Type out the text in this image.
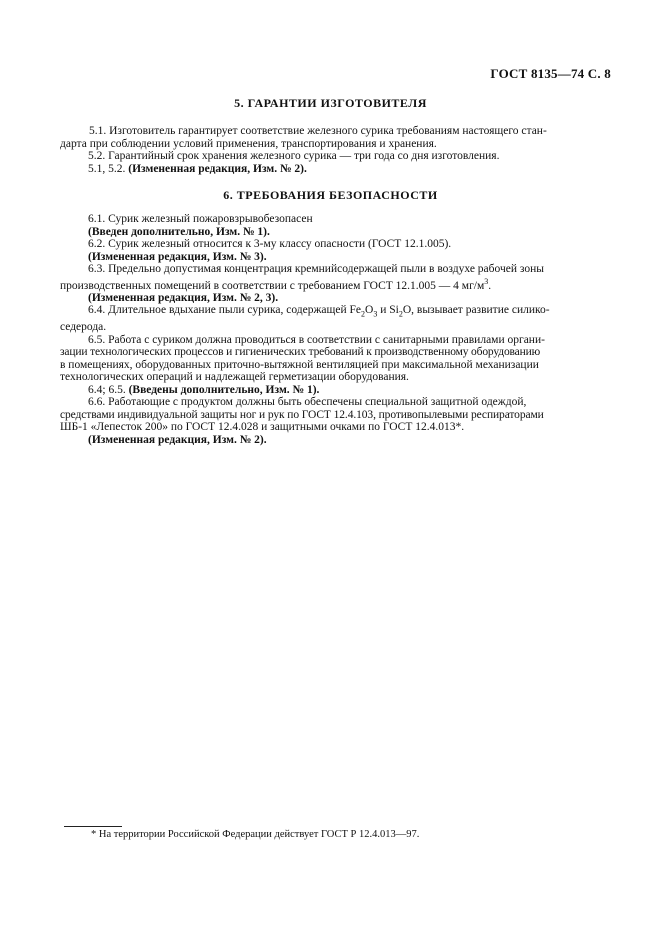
ГОСТ 8135—74 С. 8
5. ГАРАНТИИ ИЗГОТОВИТЕЛЯ

5.1. Изготовитель гарантирует соответствие железного сурика требованиям настоящего стан-

дарта при соблюдении условий применения, транспортирования и хранения.

5.2. Гарантийный срок хранения железного сурика — три года со дня изготовления.

5.1, 5.2. (Измененная редакция, Изм. № 2).

6. ТРЕБОВАНИЯ БЕЗОПАСНОСТИ

6.1. Сурик железный пожаровзрывобезопасен

(Введен дополнительно, Изм. № 1).

6.2. Сурик железный относится к 3-му классу опасности (ГОСТ 12.1.005).

(Измененная редакция, Изм. № 3).

6.3. Предельно допустимая концентрация кремнийсодержащей пыли в воздухе рабочей зоны

производственных помещений в соответствии с требованием ГОСТ 12.1.005 — 4 $мг/м^3$.

(Измененная редакция, Изм. № 2, 3).

6.4. Длительное вдыхание пыли сурика, содержащей $Fe_2O_3$ и $Si_2O$, вызывает развитие силико-

седерода.

6.5. Работа с суриком должна проводиться в соответствии с санитарными правилами органи-

зации технологических процессов и гигиенических требований к производственному оборудованию

в помещениях, оборудованных приточно-вытяжной вентиляцией при максимальной механизации

технологических операций и надлежащей герметизации оборудования.

6.4; 6.5. (Введены дополнительно, Изм. № 1).

6.6. Работающие с продуктом должны быть обеспечены специальной защитной одеждой,

средствами индивидуальной защиты ног и рук по ГОСТ 12.4.103, противопылевыми респираторами

ШБ-1 «Лепесток 200» по ГОСТ 12.4.028 и защитными очками по ГОСТ 12.4.013*.

(Измененная редакция, Изм. № 2).

* На территории Российской Федерации действует ГОСТ Р 12.4.013—97.
